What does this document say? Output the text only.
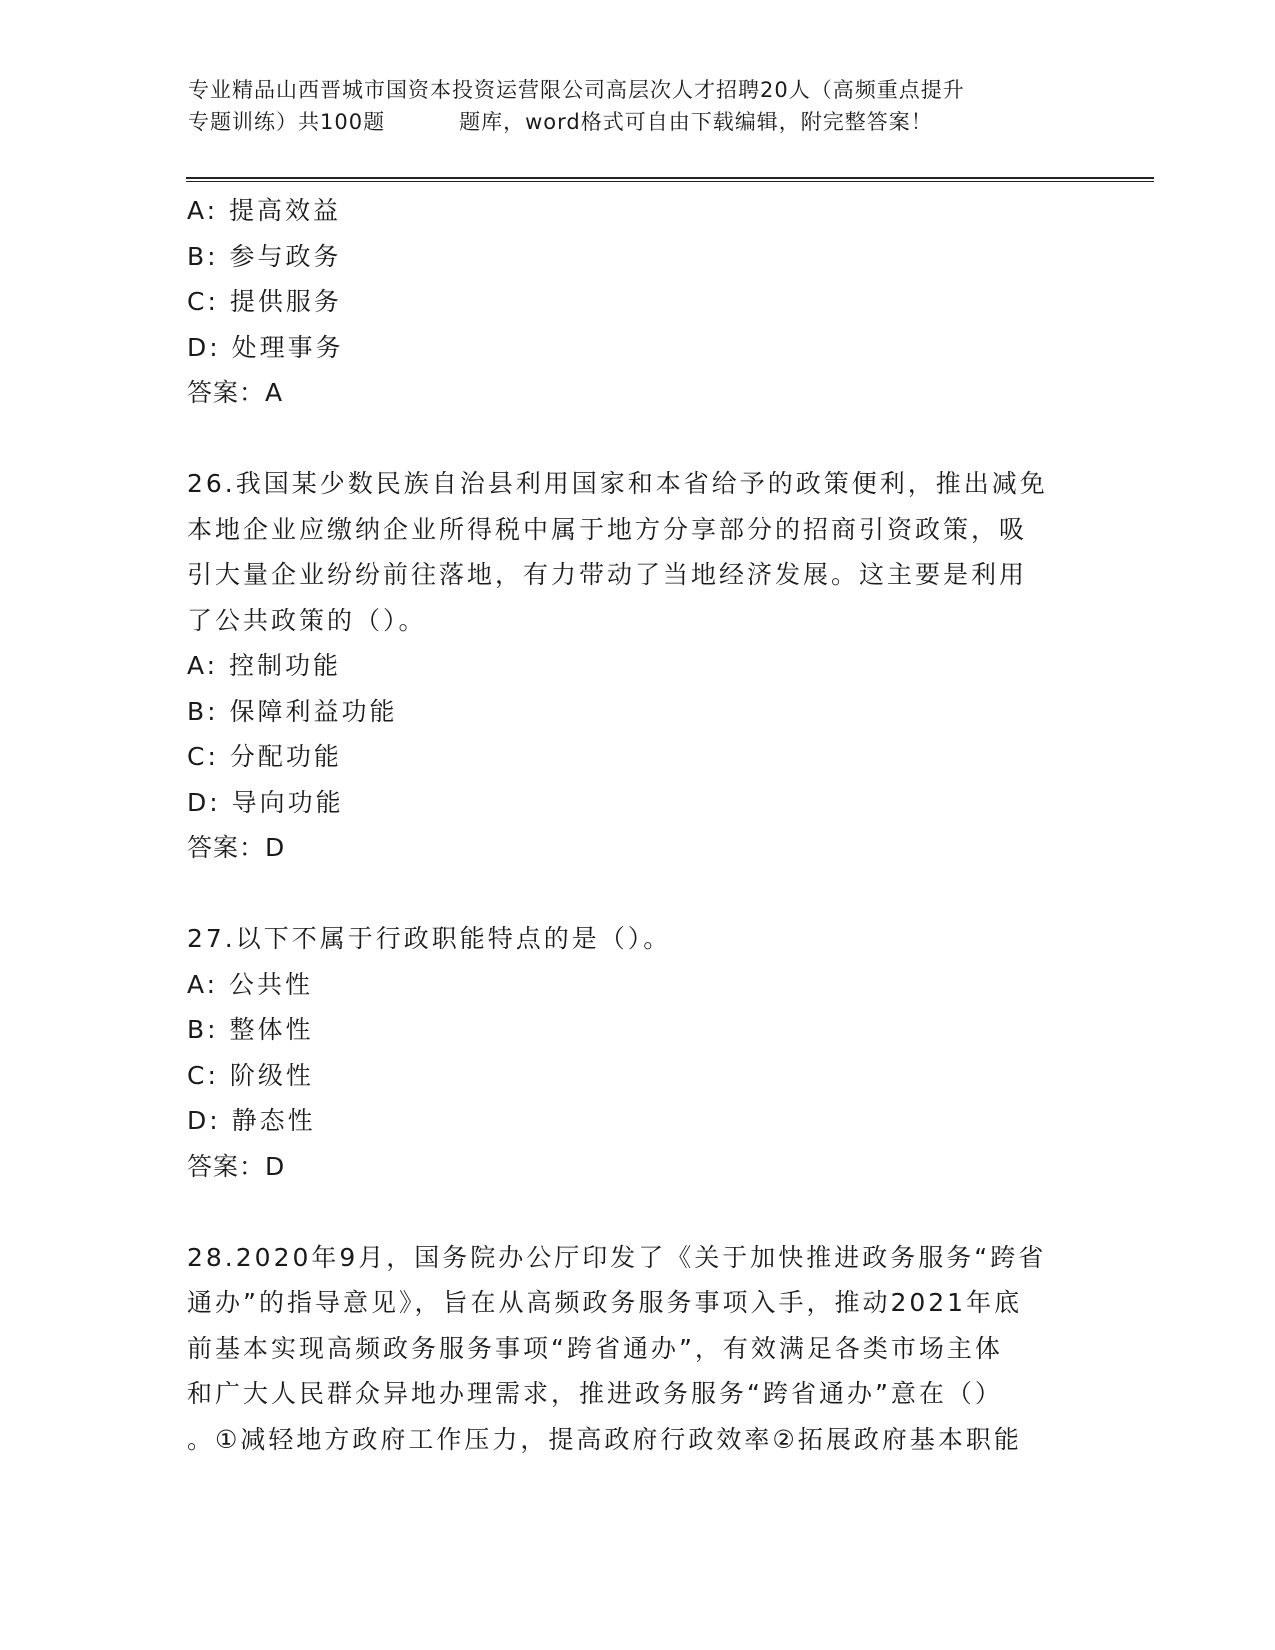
专业精品山西晋城市国资本投资运营限公司高层次人才招聘20人（高频重点提升
专题训练）共100题	题库，word格式可自由下载编辑，附完整答案！
A: 提高效益
B: 参与政务
C: 提供服务
D: 处理事务
答案：A
26.我国某少数民族自治县利用国家和本省给予的政策便利，推出减免
本地企业应缴纳企业所得税中属于地方分享部分的招商引资政策，吸
引大量企业纷纷前往落地，有力带动了当地经济发展。这主要是利用
了公共政策的（）。
A: 控制功能
B: 保障利益功能
C: 分配功能
D: 导向功能
答案：D
27.以下不属于行政职能特点的是（）。
A: 公共性
B: 整体性
C: 阶级性
D: 静态性
答案：D
28.2020年9月，国务院办公厅印发了《关于加快推进政务服务“跨省
通办”的指导意见》，旨在从高频政务服务事项入手，推动2021年底
前基本实现高频政务服务事项“跨省通办”，有效满足各类市场主体
和广大人民群众异地办理需求，推进政务服务“跨省通办”意在（）
。①减轻地方政府工作压力，提高政府行政效率②拓展政府基本职能
